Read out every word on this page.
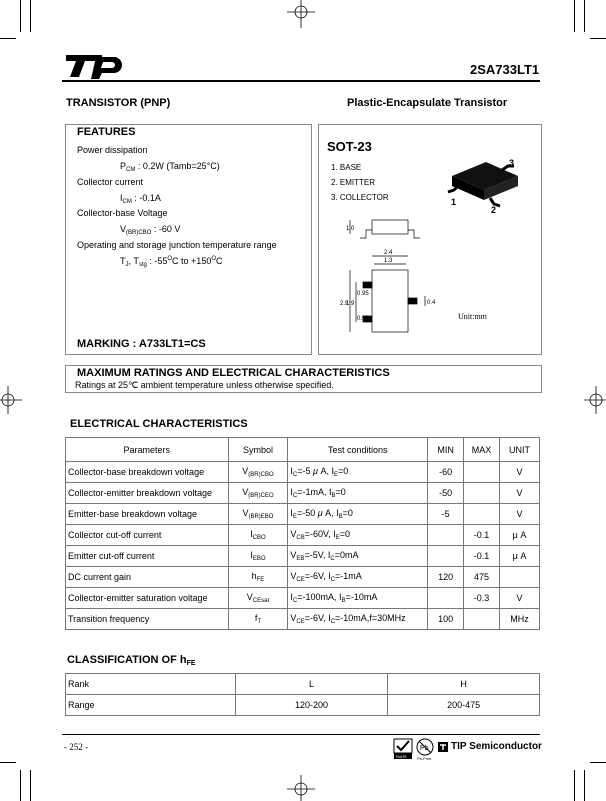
2SA733LT1
TRANSISTOR (PNP)	Plastic-Encapsulate Transistor
FEATURES
Power dissipation
$P_{CM}$ : 0.2W (Tamb=25°C)
Collector current
$I_{CM}$ : -0.1A
Collector-base Voltage
$V_{(BR)CBO}$ : -60 V
Operating and storage junction temperature range
$T_J$, $T_{stg}$ : $-55^OC$ to $+150^OC$
MARKING : A733LT1=CS
SOT-23
1. BASE
2. EMITTER
3. COLLECTOR	1
2
3
1.0
2.4
1.3
2.9
1.9
0.95
0.95
0.4
Unit:mm
MAXIMUM RATINGS AND ELECTRICAL CHARACTERISTICS
Ratings at 25℃ ambient temperature unless otherwise specified.
ELECTRICAL CHARACTERISTICS
Parameters	Symbol	Test conditions	MIN	MAX	UNIT
Collector-base breakdown voltage	$V_{(BR)CBO}$	$I_C=-5$ μ A, $I_E=0$	-60		V
Collector-emitter breakdown voltage	$V_{(BR)CEO}$	$I_C=-1mA$, $I_B=0$	-50		V
Emitter-base breakdown voltage	$V_{(BR)EBO}$	$I_E=-50$ μ A, $I_B=0$	-5		V
Collector cut-off current	$I_{CBO}$	$V_{CB}=-60V$, $I_E=0$		-0.1	μ A
Emitter cut-off current	$I_{EBO}$	$V_{EB}=-5V$, $I_C=0mA$		-0.1	μ A
DC current gain	$h_{FE}$	$V_{CE}=-6V$, $I_C=-1mA$	120	475	
Collector-emitter saturation voltage	$V_{CEsat}$	$I_C=-100mA$, $I_B=-10mA$		-0.3	V
Transition frequency	$f_T$	$V_{CE}=-6V$, $I_C=-10mA,f=30MHz$	100		MHz
CLASSIFICATION OF $h_{FE}$
Rank	L	H
Range	120-200	200-475
- 252 -
RoHS
Pb
Pb-Free
TIP Semiconductor
